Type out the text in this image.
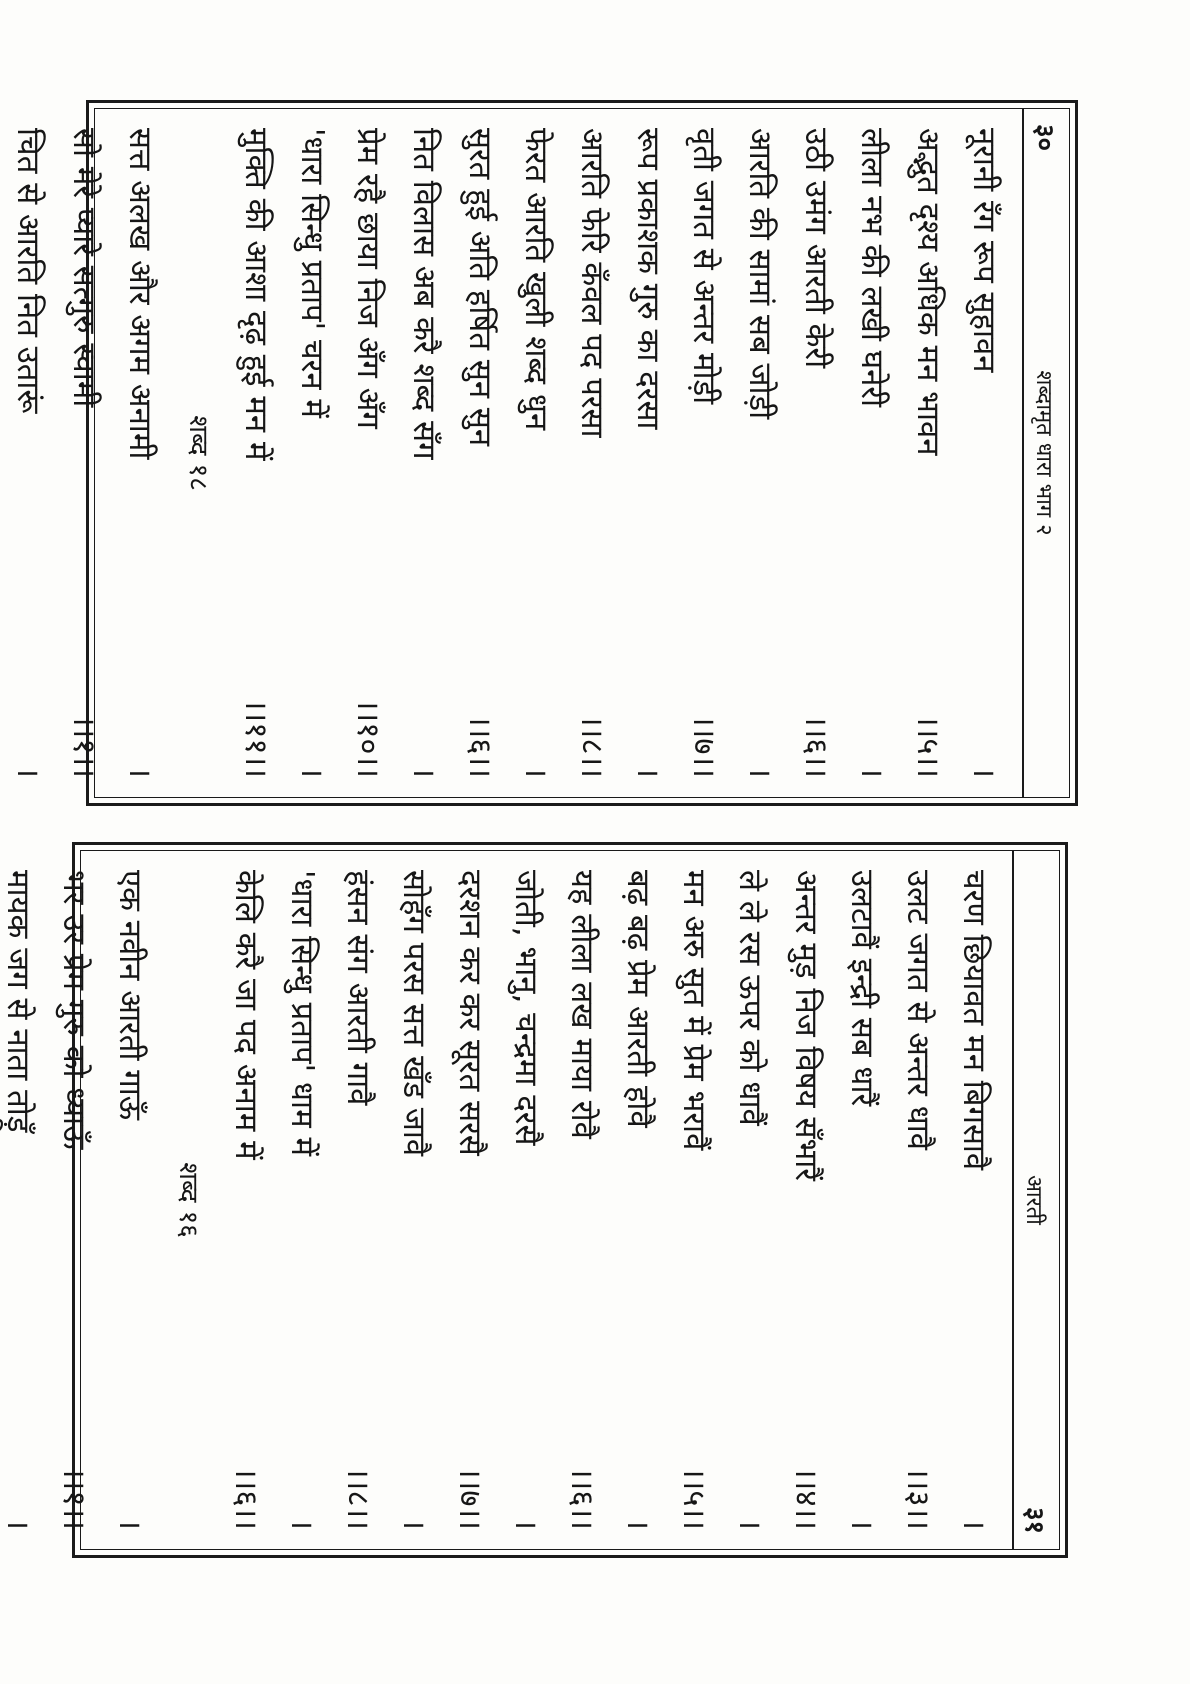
३०
शब्दामृत धारा भाग २
नूरानी रँग रूप सुहावन
।
अद्भुत दृश्य अधिक मन भावन
।।५।।
लीला नभ की लखी घनेरी
।
उठी उमंग आरती केरी
।।६।।
आरति की सामां सब जोड़ी
।
वृती जगत से अन्तर मोड़ी
।।७।।
रूप प्रकाशक गुरु का दरसा
।
आरति फेरि कँवल पद परसा
।।८।।
फेरत आरति खुली शब्द धुन
।
सुरत हुई अति हर्षित सुन सुन
।।६।।
नित विलास अब करै शब्द सँग
।
प्रेम रहै छाया निज अँग अँग
।।१०।।
'धारा सिन्धु प्रताप' चरन में
।
मुक्ति की आशा दृढ़ हुई मन में
।।११।।
शब्द १८
सत्त अलख और अगम अनामी
।
सो मेरे प्यारे सत्गुरु स्वामी
।।१।।
चित से आरति नित उतारूं
।
आरती
३१
चरण छियावत मन बिगसावै
।
उलट जगत से अन्तर धावै
।।३।।
उलटावैं इन्द्री सब धारैं
।
अन्तर मुड़ निज विषय सँभारैं
।।४।।
ले ले रस ऊपर को धावैं
।
मन अरु सुत में प्रेम भरावैं
।।५।।
बढ़ बढ़ प्रेम आरती होवै
।
यह लीला लख माया रोवै
।।६।।
जोती, भानु, चन्द्रमा दरसै
।
दरशन कर कर सूरत सरसै
।।७।।
सोहँग परस सत्त खँड जावै
।
हंसन संग आरती गावै
।।८।।
'धारा सिन्धु प्रताप' धाम में
।
केलि करै जा पद अनाम में
।।६।।
शब्द १६
एक नवीन आरती गाऊँ
।
भर उर प्रेम गुरु को ध्याऊँ
।।१।।
मायक जग से नाता तोड़ूँ
।
